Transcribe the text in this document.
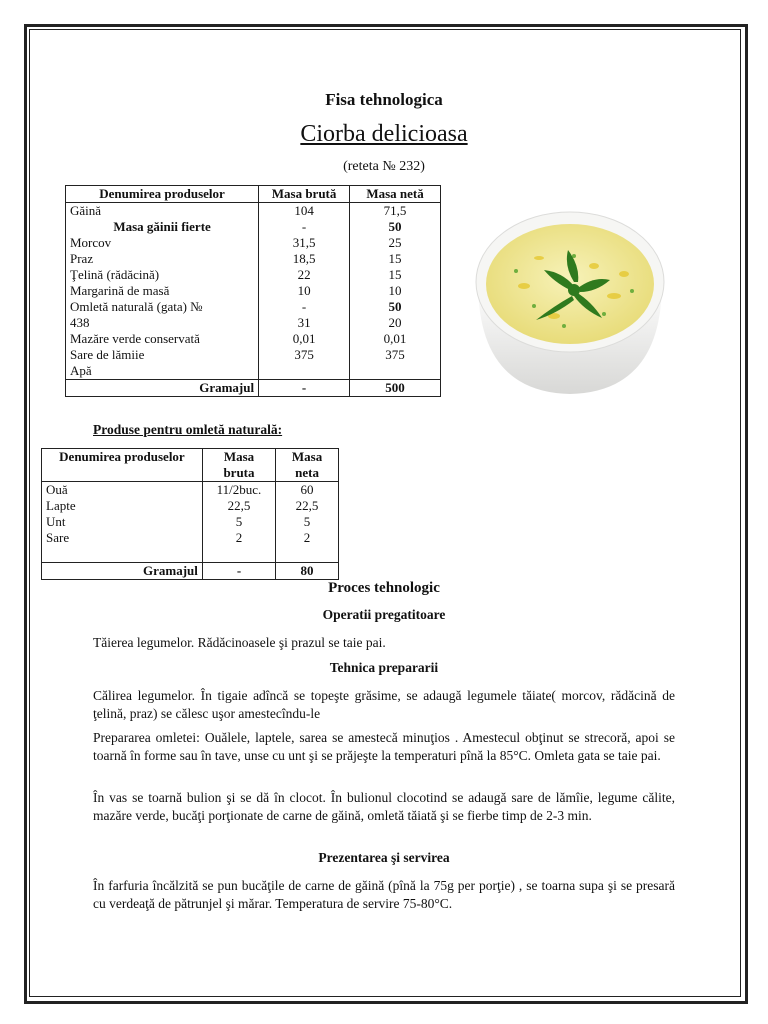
Fisa tehnologica
Ciorba delicioasa
(reteta № 232)
Denumirea produselor	Masa brută	Masa netă
Găină	104	71,5
Masa găinii fierte	-	50
Morcov	31,5	25
Praz	18,5	15
Ţelină (rădăcină)	22	15
Margarină de masă	10	10
Omletă naturală (gata) №	-	50
438	31	20
Mazăre verde conservată	0,01	0,01
Sare de lămiie	375	375
Apă		
Gramajul	-	500
Produse pentru omletă naturală:
Denumirea produselor	Masa bruta	Masa neta
Ouă	11/2buc.	60
Lapte	22,5	22,5
Unt	5	5
Sare	2	2

Gramajul	-	80
Proces tehnologic
Operatii pregatitoare

Tăierea legumelor. Rădăcinoasele şi prazul se taie pai.

Tehnica prepararii

Călirea legumelor. În tigaie adîncă se topeşte grăsime, se adaugă legumele tăiate( morcov, rădăcină de ţelină, praz) se călesc uşor amestecîndu-le

Prepararea omletei: Ouălele, laptele, sarea se amestecă minuţios . Amestecul obţinut se strecoră, apoi se toarnă în forme sau în tave, unse cu unt şi se prăjeşte la temperaturi pînă la 85°C. Omleta gata se taie pai.

În vas se toarnă bulion şi se dă în clocot. În bulionul clocotind se adaugă sare de lămîie, legume călite, mazăre verde, bucăţi porţionate de carne de găină, omletă tăiată şi se fierbe timp de 2-3 min.

Prezentarea şi servirea

În farfuria încălzită se pun bucăţile de carne de găină (pînă la 75g per porţie) , se toarna supa şi se presară cu verdeaţă de pătrunjel şi mărar. Temperatura de servire 75-80°C.
